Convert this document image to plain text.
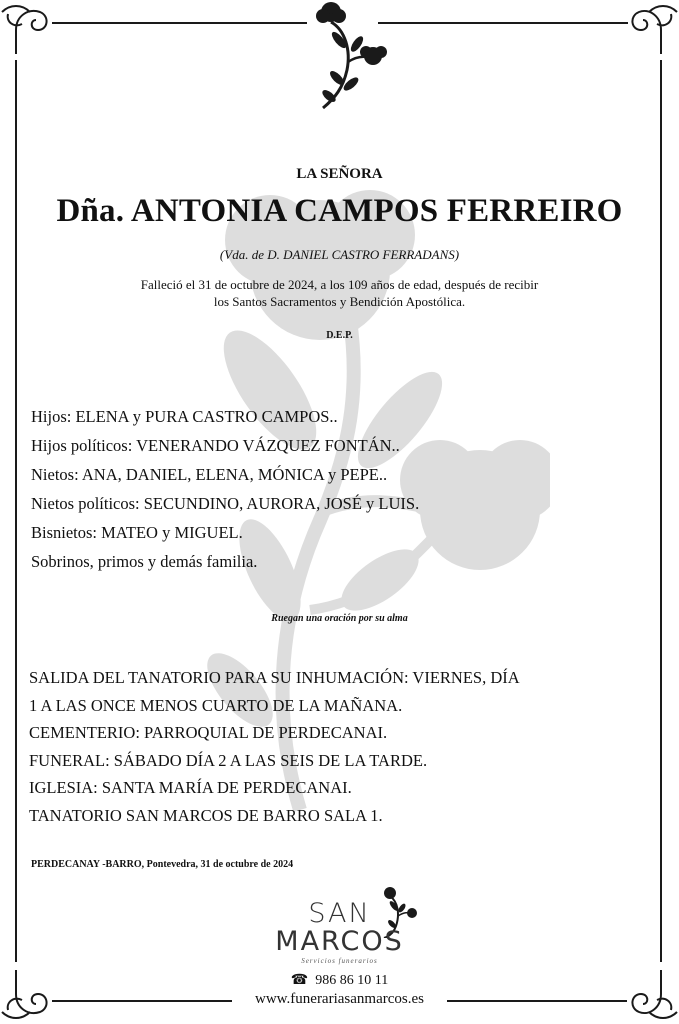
LA SEÑORA
Dña. ANTONIA CAMPOS FERREIRO
(Vda. de D. DANIEL CASTRO FERRADANS)
Falleció el 31 de octubre de 2024, a los 109 años de edad, después de recibir
los Santos Sacramentos y Bendición Apostólica.
D.E.P.
Hijos: ELENA y PURA CASTRO CAMPOS..
Hijos políticos: VENERANDO VÁZQUEZ FONTÁN..
Nietos: ANA, DANIEL, ELENA, MÓNICA y PEPE..
Nietos políticos: SECUNDINO, AURORA, JOSÉ y LUIS.
Bisnietos: MATEO y MIGUEL.
Sobrinos, primos y demás familia.
Ruegan una oración por su alma
SALIDA DEL TANATORIO PARA SU INHUMACIÓN: VIERNES, DÍA
1 A LAS ONCE MENOS CUARTO DE LA MAÑANA.
CEMENTERIO: PARROQUIAL DE PERDECANAI.
FUNERAL: SÁBADO DÍA 2 A LAS SEIS DE LA TARDE.
IGLESIA: SANTA MARÍA DE PERDECANAI.
TANATORIO SAN MARCOS DE BARRO SALA 1.
PERDECANAY -BARRO, Pontevedra, 31 de octubre de 2024
SAN
MARCOS
Servicios funerarios
☎  986 86 10 11
www.funerariasanmarcos.es
